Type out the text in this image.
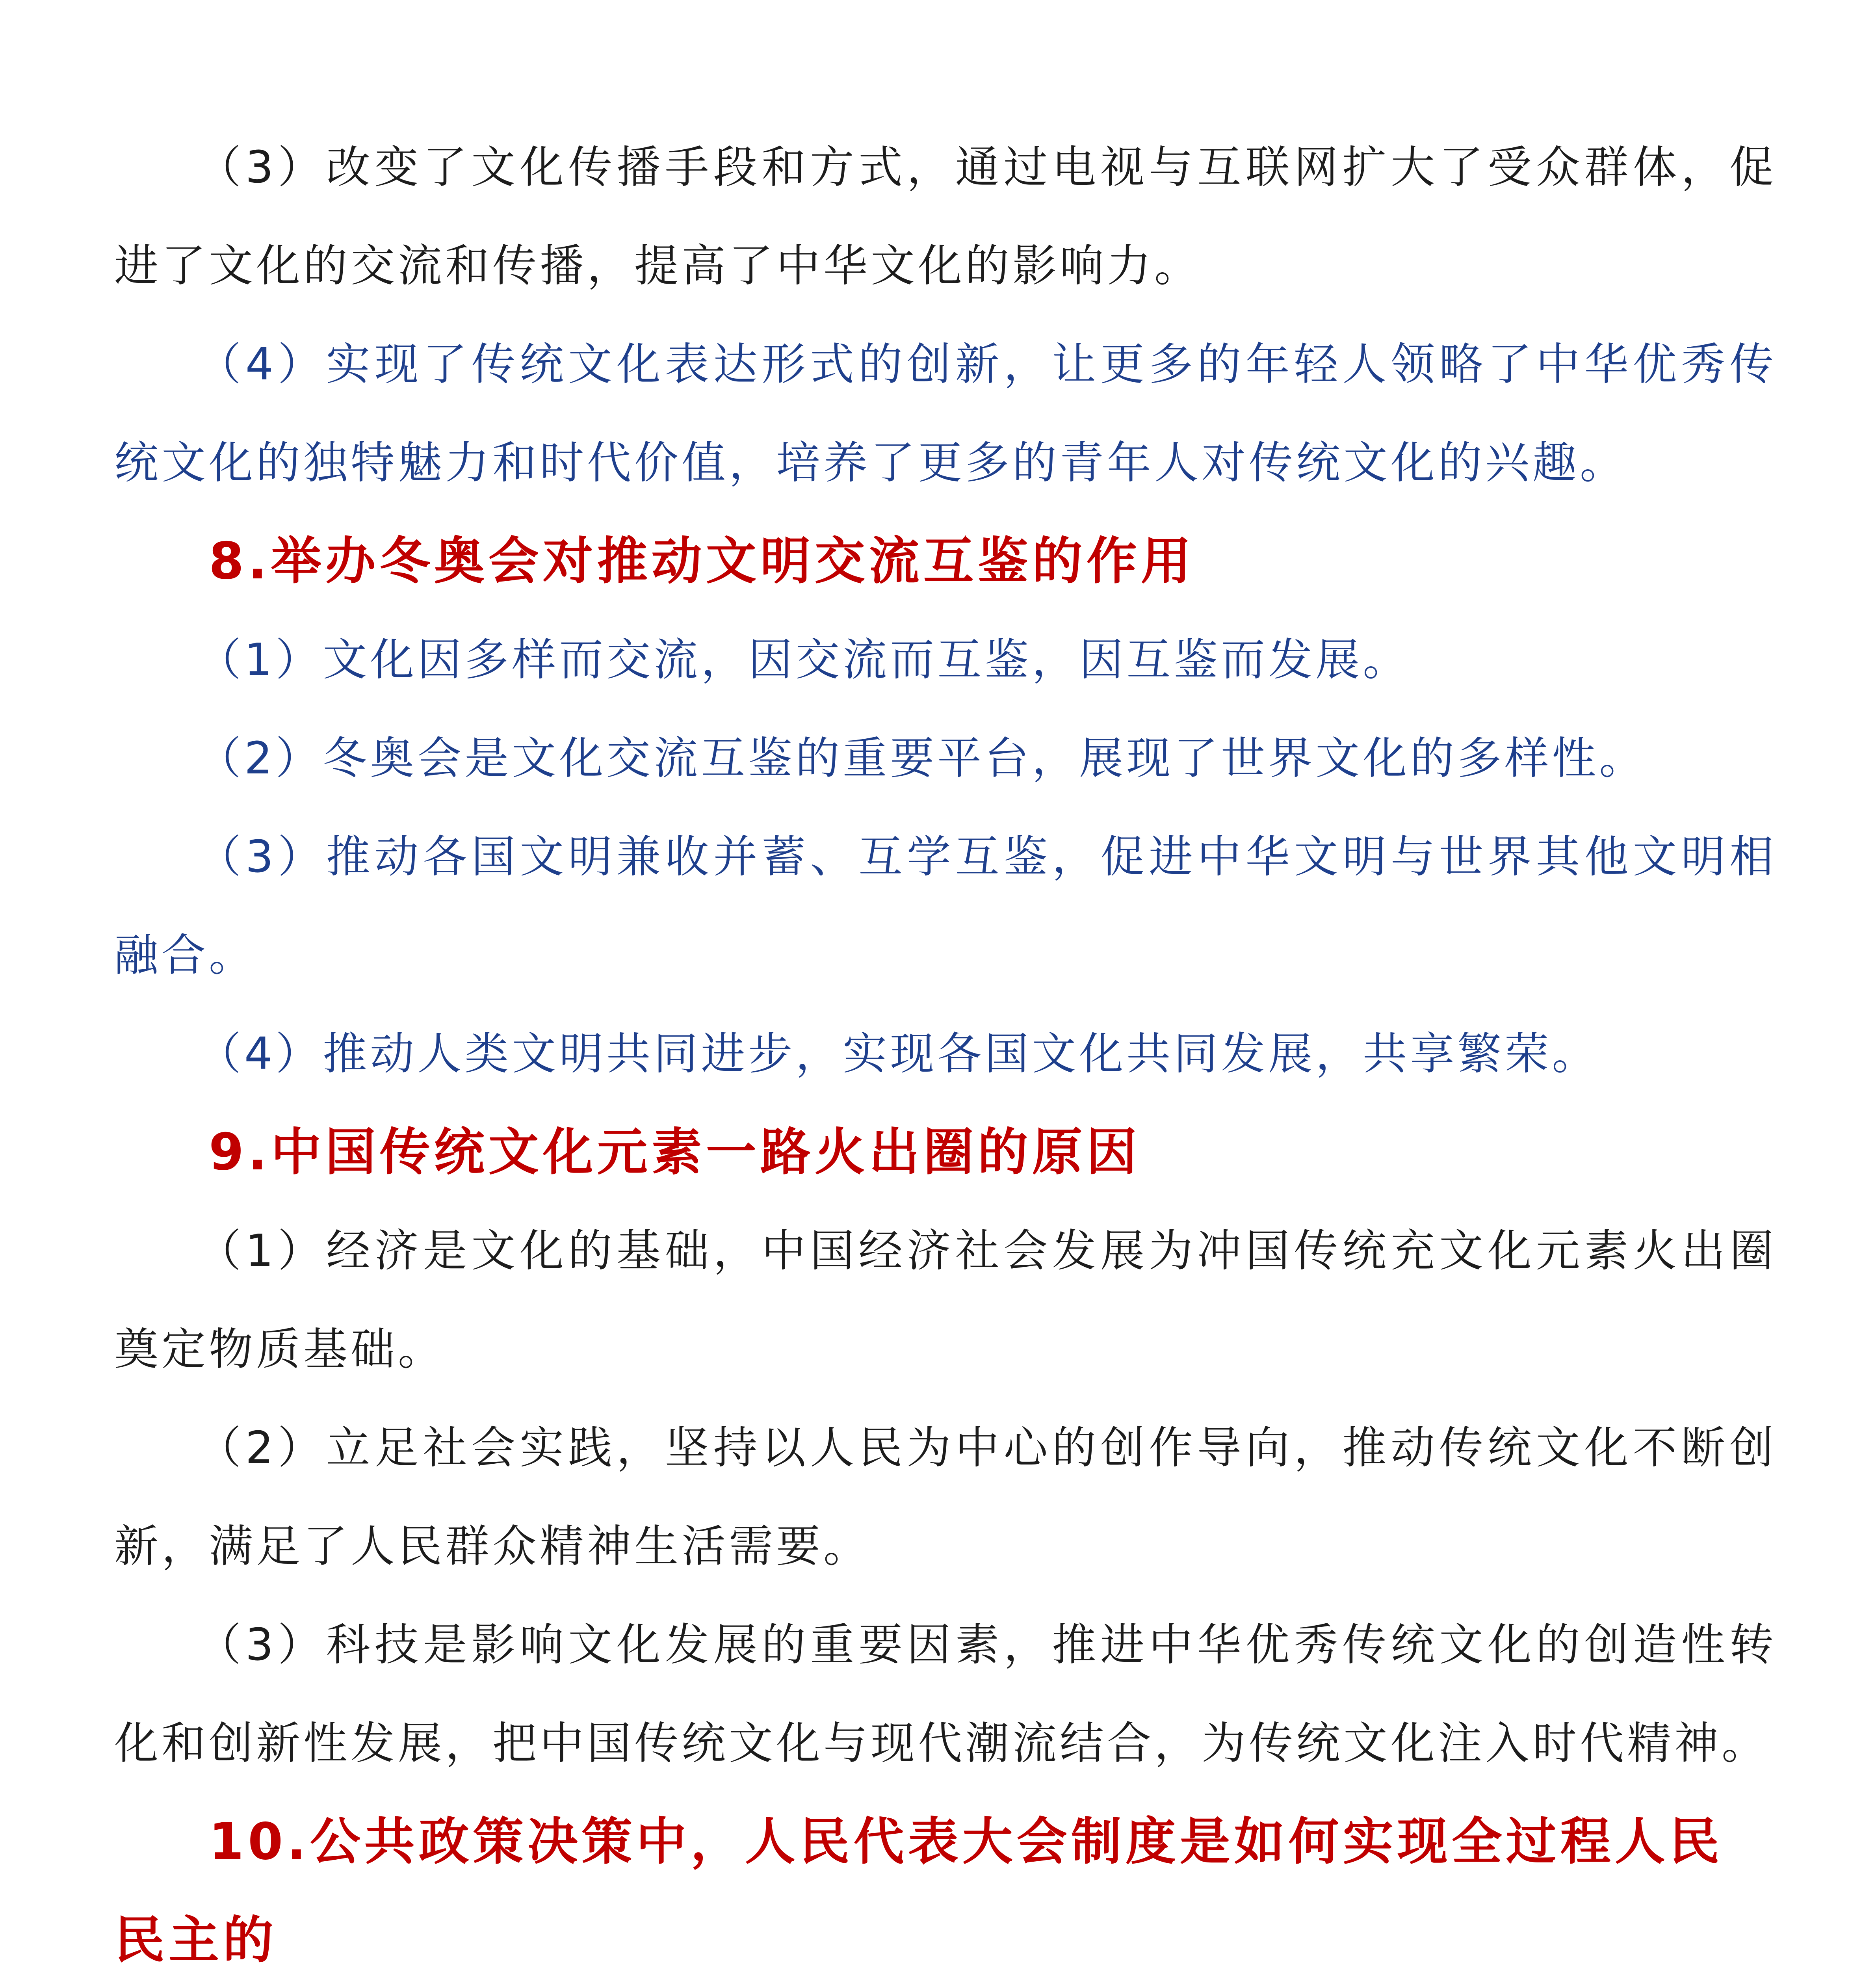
（3）改变了文化传播手段和方式，通过电视与互联网扩大了受众群体，促进了文化的交流和传播，提高了中华文化的影响力。

（4）实现了传统文化表达形式的创新，让更多的年轻人领略了中华优秀传统文化的独特魅力和时代价值，培养了更多的青年人对传统文化的兴趣。

8.举办冬奥会对推动文明交流互鉴的作用

（1）文化因多样而交流，因交流而互鉴，因互鉴而发展。

（2）冬奥会是文化交流互鉴的重要平台，展现了世界文化的多样性。

（3）推动各国文明兼收并蓄、互学互鉴，促进中华文明与世界其他文明相融合。

（4）推动人类文明共同进步，实现各国文化共同发展，共享繁荣。

9.中国传统文化元素一路火出圈的原因

（1）经济是文化的基础，中国经济社会发展为冲国传统充文化元素火出圈奠定物质基础。

（2）立足社会实践，坚持以人民为中心的创作导向，推动传统文化不断创新，满足了人民群众精神生活需要。

（3）科技是影响文化发展的重要因素，推进中华优秀传统文化的创造性转化和创新性发展，把中国传统文化与现代潮流结合，为传统文化注入时代精神。

10.公共政策决策中，人民代表大会制度是如何实现全过程人民民主的
